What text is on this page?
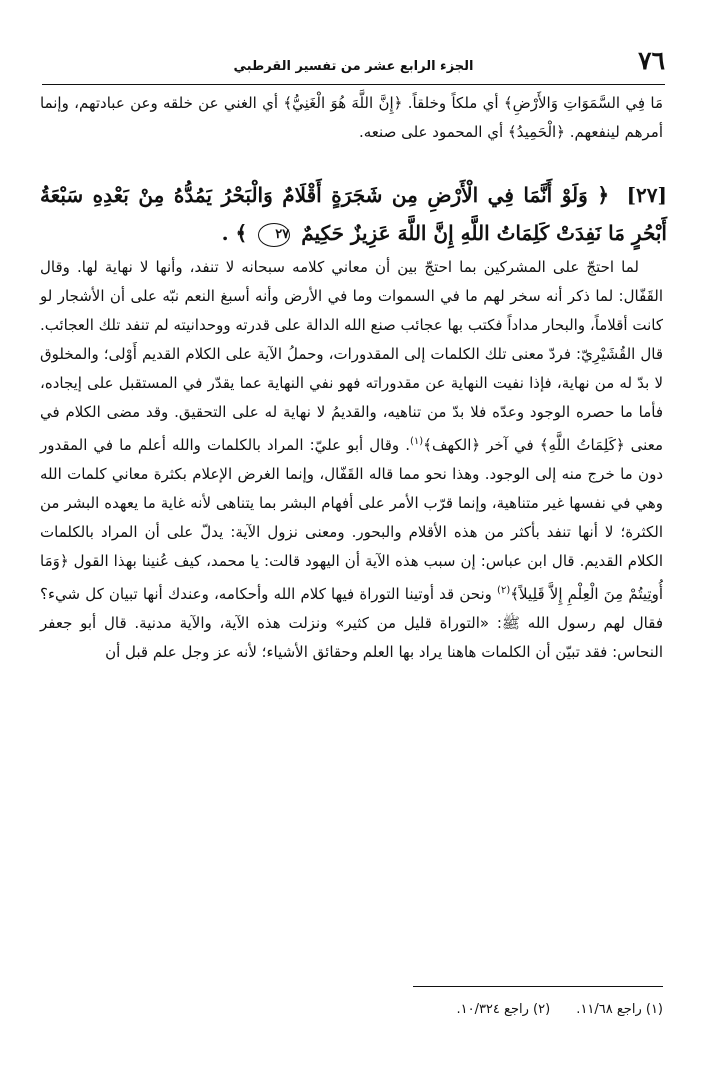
٧٦
الجزء الرابع عشر من تفسير القرطبي
مَا فِي السَّمَوَاتِ وَالأَرْضِ﴾ أي ملكاً وخلقاً. ﴿إِنَّ اللَّهَ هُوَ الْغَنِيُّ﴾ أي الغني عن خلقه وعن عبادتهم، وإنما أمرهم لينفعهم. ﴿الْحَمِيدُ﴾ أي المحمود على صنعه.
[٢٧] ﴿ وَلَوْ أَنَّمَا فِي الْأَرْضِ مِن شَجَرَةٍ أَقْلَامٌ وَالْبَحْرُ يَمُدُّهُ مِنْ بَعْدِهِ سَبْعَةُ أَبْحُرٍ مَا نَفِدَتْ كَلِمَاتُ اللَّهِ إِنَّ اللَّهَ عَزِيزٌ حَكِيمٌ ٢٧ ﴾ .

لما احتجّ على المشركين بما احتجّ بين أن معاني كلامه سبحانه لا تنفد، وأنها لا نهاية لها. وقال القَفّال: لما ذكر أنه سخر لهم ما في السموات وما في الأرض وأنه أسبغ النعم نبّه على أن الأشجار لو كانت أقلاماً، والبحار مداداً فكتب بها عجائب صنع الله الدالة على قدرته ووحدانيته لم تنفد تلك العجائب. قال القُشَيْرِيّ: فردّ معنى تلك الكلمات إلى المقدورات، وحملُ الآية على الكلام القديم أَوْلى؛ والمخلوق لا بدّ له من نهاية، فإذا نفيت النهاية عن مقدوراته فهو نفي النهاية عما يقدّر في المستقبل على إيجاده، فأما ما حصره الوجود وعدّه فلا بدّ من تناهيه، والقديمُ لا نهاية له على التحقيق. وقد مضى الكلام في معنى ﴿كَلِمَاتُ اللَّهِ﴾ في آخر ﴿الكهف﴾$^{(١)}$. وقال أبو عليّ: المراد بالكلمات والله أعلم ما في المقدور دون ما خرج منه إلى الوجود. وهذا نحو مما قاله القَفّال، وإنما الغرض الإعلام بكثرة معاني كلمات الله وهي في نفسها غير متناهية، وإنما قرّب الأمر على أفهام البشر بما يتناهى لأنه غاية ما يعهده البشر من الكثرة؛ لا أنها تنفد بأكثر من هذه الأقلام والبحور. ومعنى نزول الآية: يدلّ على أن المراد بالكلمات الكلام القديم. قال ابن عباس: إن سبب هذه الآية أن اليهود قالت: يا محمد، كيف عُنينا بهذا القول ﴿وَمَا أُوتِيتُمْ مِنَ الْعِلْمِ إِلاَّ قَلِيلاً﴾$^{(٢)}$ ونحن قد أوتينا التوراة فيها كلام الله وأحكامه، وعندك أنها تبيان كل شيء؟ فقال لهم رسول الله ﷺ: «التوراة قليل من كثير» ونزلت هذه الآية، والآية مدنية. قال أبو جعفر النحاس: فقد تبيّن أن الكلمات هاهنا يراد بها العلم وحقائق الأشياء؛ لأنه عز وجل علم قبل أن

(١) راجع ١١/٦٨. (٢) راجع ١٠/٣٢٤.
